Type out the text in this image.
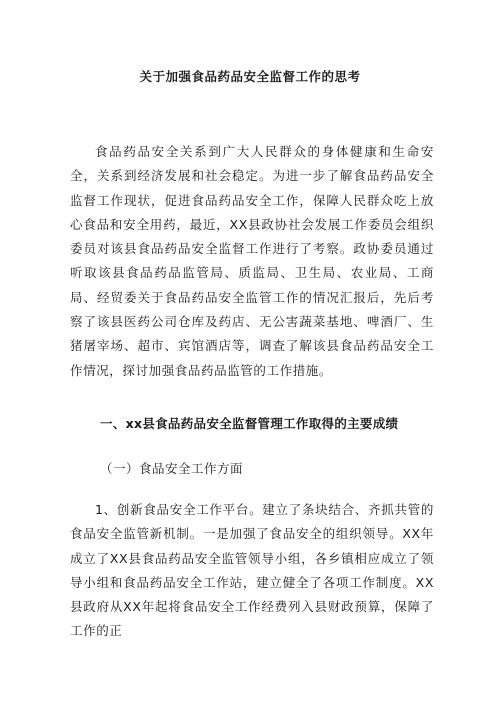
关于加强食品药品安全监督工作的思考

食品药品安全关系到广大人民群众的身体健康和生命安全，关系到经济发展和社会稳定。为进一步了解食品药品安全监督工作现状，促进食品药品安全工作，保障人民群众吃上放心食品和安全用药，最近，XX县政协社会发展工作委员会组织委员对该县食品药品安全监督工作进行了考察。政协委员通过听取该县食品药品监管局、质监局、卫生局、农业局、工商局、经贸委关于食品药品安全监管工作的情况汇报后，先后考察了该县医药公司仓库及药店、无公害蔬菜基地、啤酒厂、生猪屠宰场、超市、宾馆酒店等，调查了解该县食品药品安全工作情况，探讨加强食品药品监管的工作措施。

一、xx县食品药品安全监督管理工作取得的主要成绩
（一）食品安全工作方面

1、创新食品安全工作平台。建立了条块结合、齐抓共管的食品安全监管新机制。一是加强了食品安全的组织领导。XX年成立了XX县食品药品安全监管领导小组，各乡镇相应成立了领导小组和食品药品安全工作站，建立健全了各项工作制度。XX县政府从XX年起将食品安全工作经费列入县财政预算，保障了工作的正
